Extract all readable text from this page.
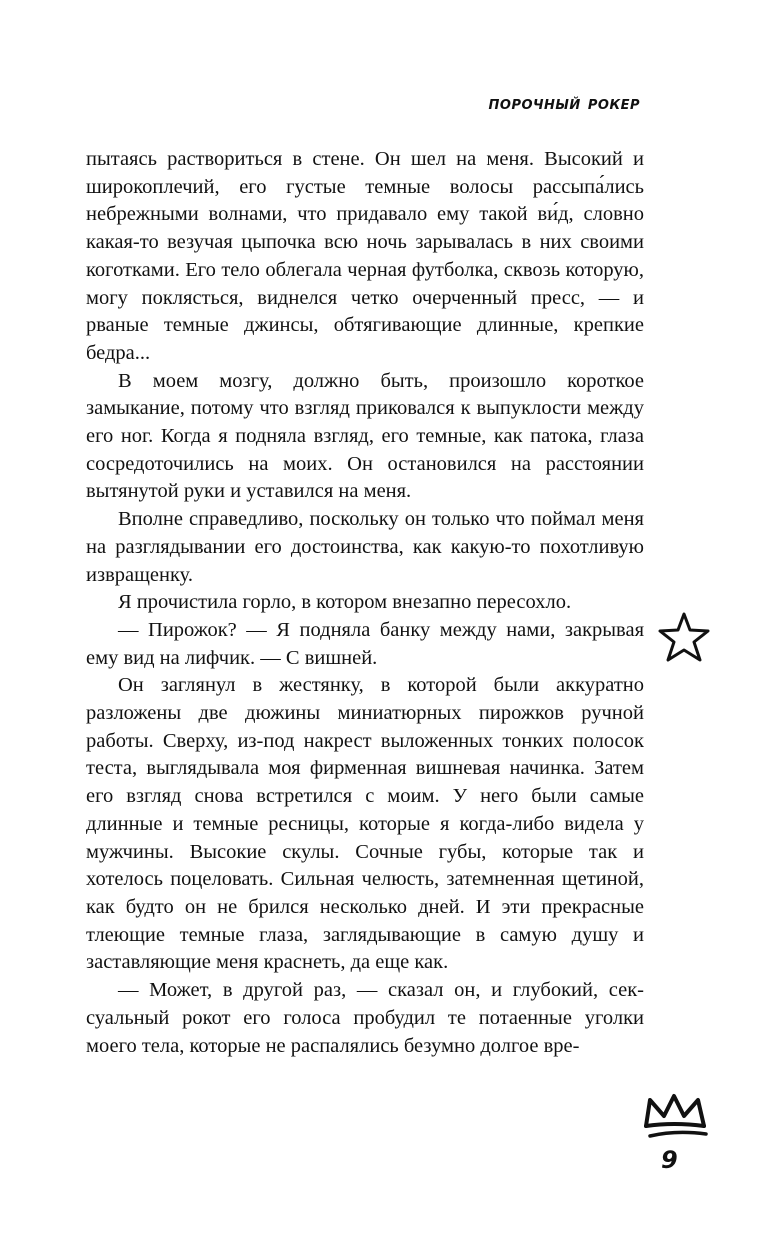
порочный рокер

пытаясь раствориться в стене. Он шел на меня. Высокий и широкоплечий, его густые темные волосы рассыпа́лись небрежными волнами, что придавало ему такой ви́д, словно какая-то везучая цыпочка всю ночь зарывалась в них своими коготками. Его тело облегала черная футболка, сквозь которую, могу поклясться, виднелся четко очерченный пресс, — и рваные темные джинсы, обтягивающие длинные, крепкие бедра...

В моем мозгу, должно быть, произошло короткое замыкание, потому что взгляд приковался к выпуклости между его ног. Когда я подняла взгляд, его темные, как патока, глаза сосредоточились на моих. Он остановился на расстоянии вытянутой руки и уставился на меня.

Вполне справедливо, поскольку он только что поймал меня на разглядывании его достоинства, как какую-то похотливую извращенку.

Я прочистила горло, в котором внезапно пересохло.

— Пирожок? — Я подняла банку между нами, закрывая ему вид на лифчик. — С вишней.

Он заглянул в жестянку, в которой были аккуратно разложены две дюжины миниатюрных пирожков ручной работы. Сверху, из-под накрест выложенных тонких полосок теста, выглядывала моя фирменная вишневая начинка. Затем его взгляд снова встретился с моим. У него были самые длинные и темные ресницы, которые я когда-либо видела у мужчины. Высокие скулы. Сочные губы, которые так и хотелось поцеловать. Сильная челюсть, затемненная щетиной, как будто он не брился несколько дней. И эти прекрасные тлеющие темные глаза, заглядывающие в самую душу и заставляющие меня краснеть, да еще как.

— Может, в другой раз, — сказал он, и глубокий, сексуальный рокот его голоса пробудил те потаенные уголки моего тела, которые не распалялись безумно долгое вре-

9
